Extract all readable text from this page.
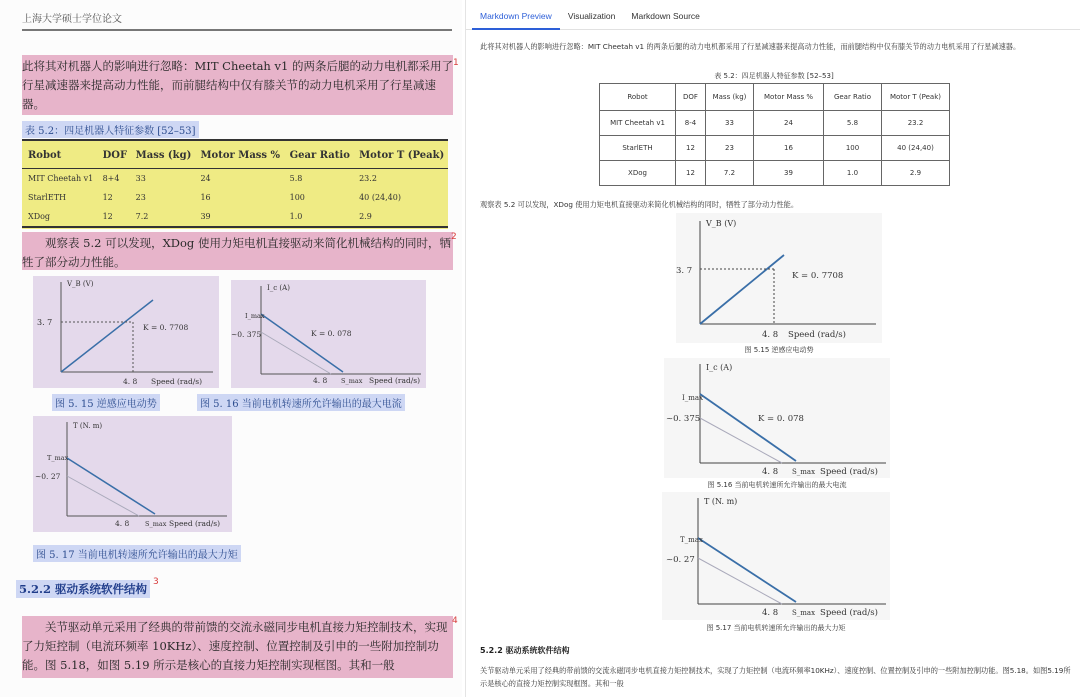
上海大学硕士学位论文
此将其对机器人的影响进行忽略：MIT Cheetah v1 的两条后腿的动力电机都采用了行星减速器来提高动力性能，而前腿结构中仅有膝关节的动力电机采用了行星减速器。
1
表 5.2：四足机器人特征参数 [52–53]
Robot	DOF	Mass (kg)	Motor Mass %	Gear Ratio	Motor T (Peak)
MIT Cheetah v1	8+4	33	24	5.8	23.2
StarlETH	12	23	16	100	40 (24,40)
XDog	12	7.2	39	1.0	2.9
观察表 5.2 可以发现，XDog 使用力矩电机直接驱动来简化机械结构的同时，牺牲了部分动力性能。
2
V_B (V)
3. 7
K = 0. 7708
4. 8 Speed (rad/s)
图 5. 15 逆感应电动势
I_c (A)
I_max
~0. 375	K = 0. 078
4. 8 S_max Speed (rad/s)
图 5. 16 当前电机转速所允许输出的最大电流
T (N. m)
T_max
~0. 27
4. 8 S_max Speed (rad/s)
图 5. 17 当前电机转速所允许输出的最大力矩
5.2.2 驱动系统软件结构 3
关节驱动单元采用了经典的带前馈的交流永磁同步电机直接力矩控制技术，实现了力矩控制（电流环频率 10KHz）、速度控制、位置控制及引申的一些附加控制功能。图 5.18，如图 5.19 所示是核心的直接力矩控制实现框图。其和一般
4
Markdown Preview	Visualization	Markdown Source
此将其对机器人的影响进行忽略：MIT Cheetah v1 的两条后腿的动力电机都采用了行星减速器来提高动力性能，而前腿结构中仅有膝关节的动力电机采用了行星减速器。
表 5.2：四足机器人特征参数 [52–53]
Robot	DOF	Mass (kg)	Motor Mass %	Gear Ratio	Motor T (Peak)
MIT Cheetah v1	8-4	33	24	5.8	23.2
StarlETH	12	23	16	100	40 (24,40)
XDog	12	7.2	39	1.0	2.9
观察表 5.2 可以发现，XDog 使用力矩电机直接驱动来简化机械结构的同时，牺牲了部分动力性能。
V_B (V)
3. 7	K = 0. 7708
4. 8 Speed (rad/s)
图 5.15 逆感应电动势
I_c (A)
I_max
~0. 375	K = 0. 078
4. 8 S_max Speed (rad/s)
图 5.16 当前电机转速所允许输出的最大电流
T (N. m)
T_max
~0. 27
4. 8 S_max Speed (rad/s)
图 5.17 当前电机转速所允许输出的最大力矩
5.2.2 驱动系统软件结构
关节驱动单元采用了经典的带前馈的交流永磁同步电机直接力矩控制技术，实现了力矩控制（电流环频率10KHz）、速度控制、位置控制及引申的一些附加控制功能。图5.18。如图5.19所示是核心的直接力矩控制实现框图。其和一般
